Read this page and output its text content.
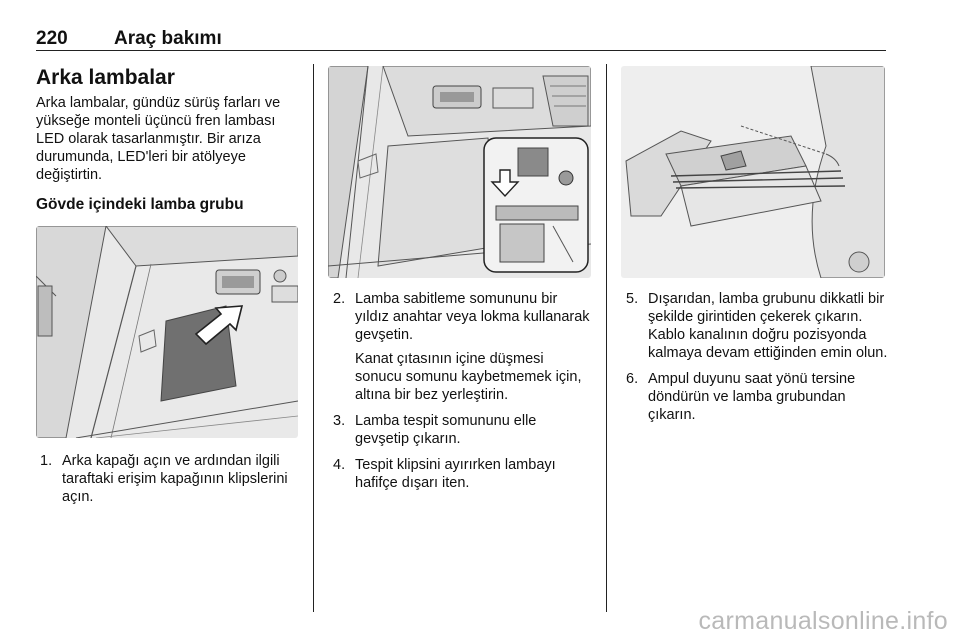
220 Araç bakımı
Arka lambalar

Arka lambalar, gündüz sürüş farları ve yükseğe monteli üçüncü fren lambası LED olarak tasarlanmıştır. Bir arıza durumunda, LED'leri bir atölyeye değiştirtin.

Gövde içindeki lamba grubu
1. Arka kapağı açın ve ardından ilgili taraftaki erişim kapağının klipslerini açın.
2. Lamba sabitleme somununu bir yıldız anahtar veya lokma kullanarak gevşetin.

Kanat çıtasının içine düşmesi sonucu somunu kaybetmemek için, altına bir bez yerleştirin.

3. Lamba tespit somununu elle gevşetip çıkarın.
4. Tespit klipsini ayırırken lambayı hafifçe dışarı iten.
5. Dışarıdan, lamba grubunu dikkatli bir şekilde girintiden çekerek çıkarın. Kablo kanalının doğru pozisyonda kalmaya devam ettiğinden emin olun.
6. Ampul duyunu saat yönü tersine döndürün ve lamba grubundan çıkarın.
carmanualsonline.info
